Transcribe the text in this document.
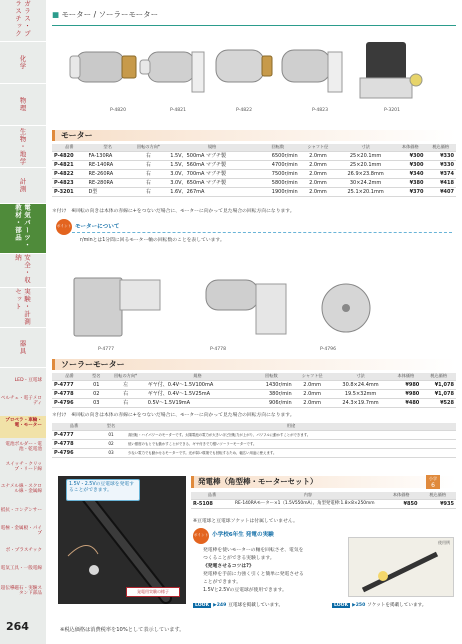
ガラス・プラスチック
化学
物理
生物・地学
計測
電気パーツ・教材・部品
安全・収納
実験・計測セット
器具
LED・豆電球
ペルチェ・電子メロディ
プロペラ・車輪・電・モーター
電池ボルダー・電池・乾電池
スイッチ・クリップ・リード線
エナメル線・スクロル線・金属線
抵抗・コンデンサー
電極・金属板・パイプ
ボ・プラスチック
電気工具・一般電線
超伝導磁石・実験スタンド部品
264
■ モーター / ソーラーモーター
P-4820	P-4821	P-4822	P-4823	P-3201
モーター
品番	型名	回転の方向*	規格	回転数	シャフト径	寸法	本体価格	税込価格
P-4820	FA-130RA	右	1.5V、500mA マブチ製	6500r/min	2.0mm	25×20.1mm	¥300	¥330
P-4821	RE-140RA	右	1.5V、560mA マブチ製	4700r/min	2.0mm	25×20.1mm	¥300	¥330
P-4822	RE-260RA	右	3.0V、700mA マブチ製	7500r/min	2.0mm	26.9×23.8mm	¥340	¥374
P-4823	RE-280RA	右	3.0V、650mA マブチ製	5800r/min	2.0mm	30×24.2mm	¥380	¥418
P-3201	D型	右	1.6V、267mA	1900r/min	2.0mm	25.1×20.1mm	¥370	¥407
＊付け　※回転の向きは本体の赤線に+をつないだ場合に、モーターに向かって見た場合の回転方向になります。
ポイント モーターについて
r/minとは1分間に回るモーター軸の回転数のことを表しています。
P-4777	P-4778	P-4796
ソーラーモーター
品番	型名	回転の方向*	規格	回転数	シャフト径	寸法	本体価格	税込価格
P-4777	01	左	ギヤ付、0.4V～1.5V100mA	1430r/min	2.0mm	30.8×24.4mm	¥980	¥1,078
P-4778	02	右	ギヤ付、0.4V～1.5V25mA	380r/min	2.0mm	19.5×32mm	¥980	¥1,078
P-4796	03	右	0.5V～1.5V19mA	906r/min	2.0mm	24.3×19.7mm	¥480	¥528
＊付け　※回転の向きは本体の赤線に+をつないだ場合に、モーターに向かって見た場合の回転方向になります。
品番	型名	用途
P-4777	01	高回転・ハイパワーのモーターです。太陽電池の電力が大きいほど回転力が上がり、パワフルに動かすことができます。
P-4778	02	低い照度のもとでも動かすことができる、ギヤ付きで力強いソーラーモーターです。
P-4796	03	少ない電力でも動かせるモーターです。光が弱い環境でも回転するため、幅広い用途に使えます。
1.5V・2.5Vの豆電球を発電することができます。
発電用実験の様子
発電棒（角型棒・モーターセット）	小学
6
品番	内容	本体価格	税込価格
R-5108	RE-140RAモーター×1（1.5V550mA）、角型発電棒:1.8×8×250mm	¥850	¥935
※豆電球と豆電球ソケットは付属していません。
ポイント 小学校6年生 発電の実験
発電棒を使いモーターの軸を回転させ、電気を
つくることができる実験します。
《発電させるコツは?》
発電棒を手前に力強く引くと簡単に発電させる
ことができます。
1.5Vと2.5Vの豆電球が使用できます。
使用例
LOOK ▶249 豆電球を掲載しています。	LOOK ▶250 ソケットを掲載しています。
※税込価格は消費税率を10%として表示しています。
